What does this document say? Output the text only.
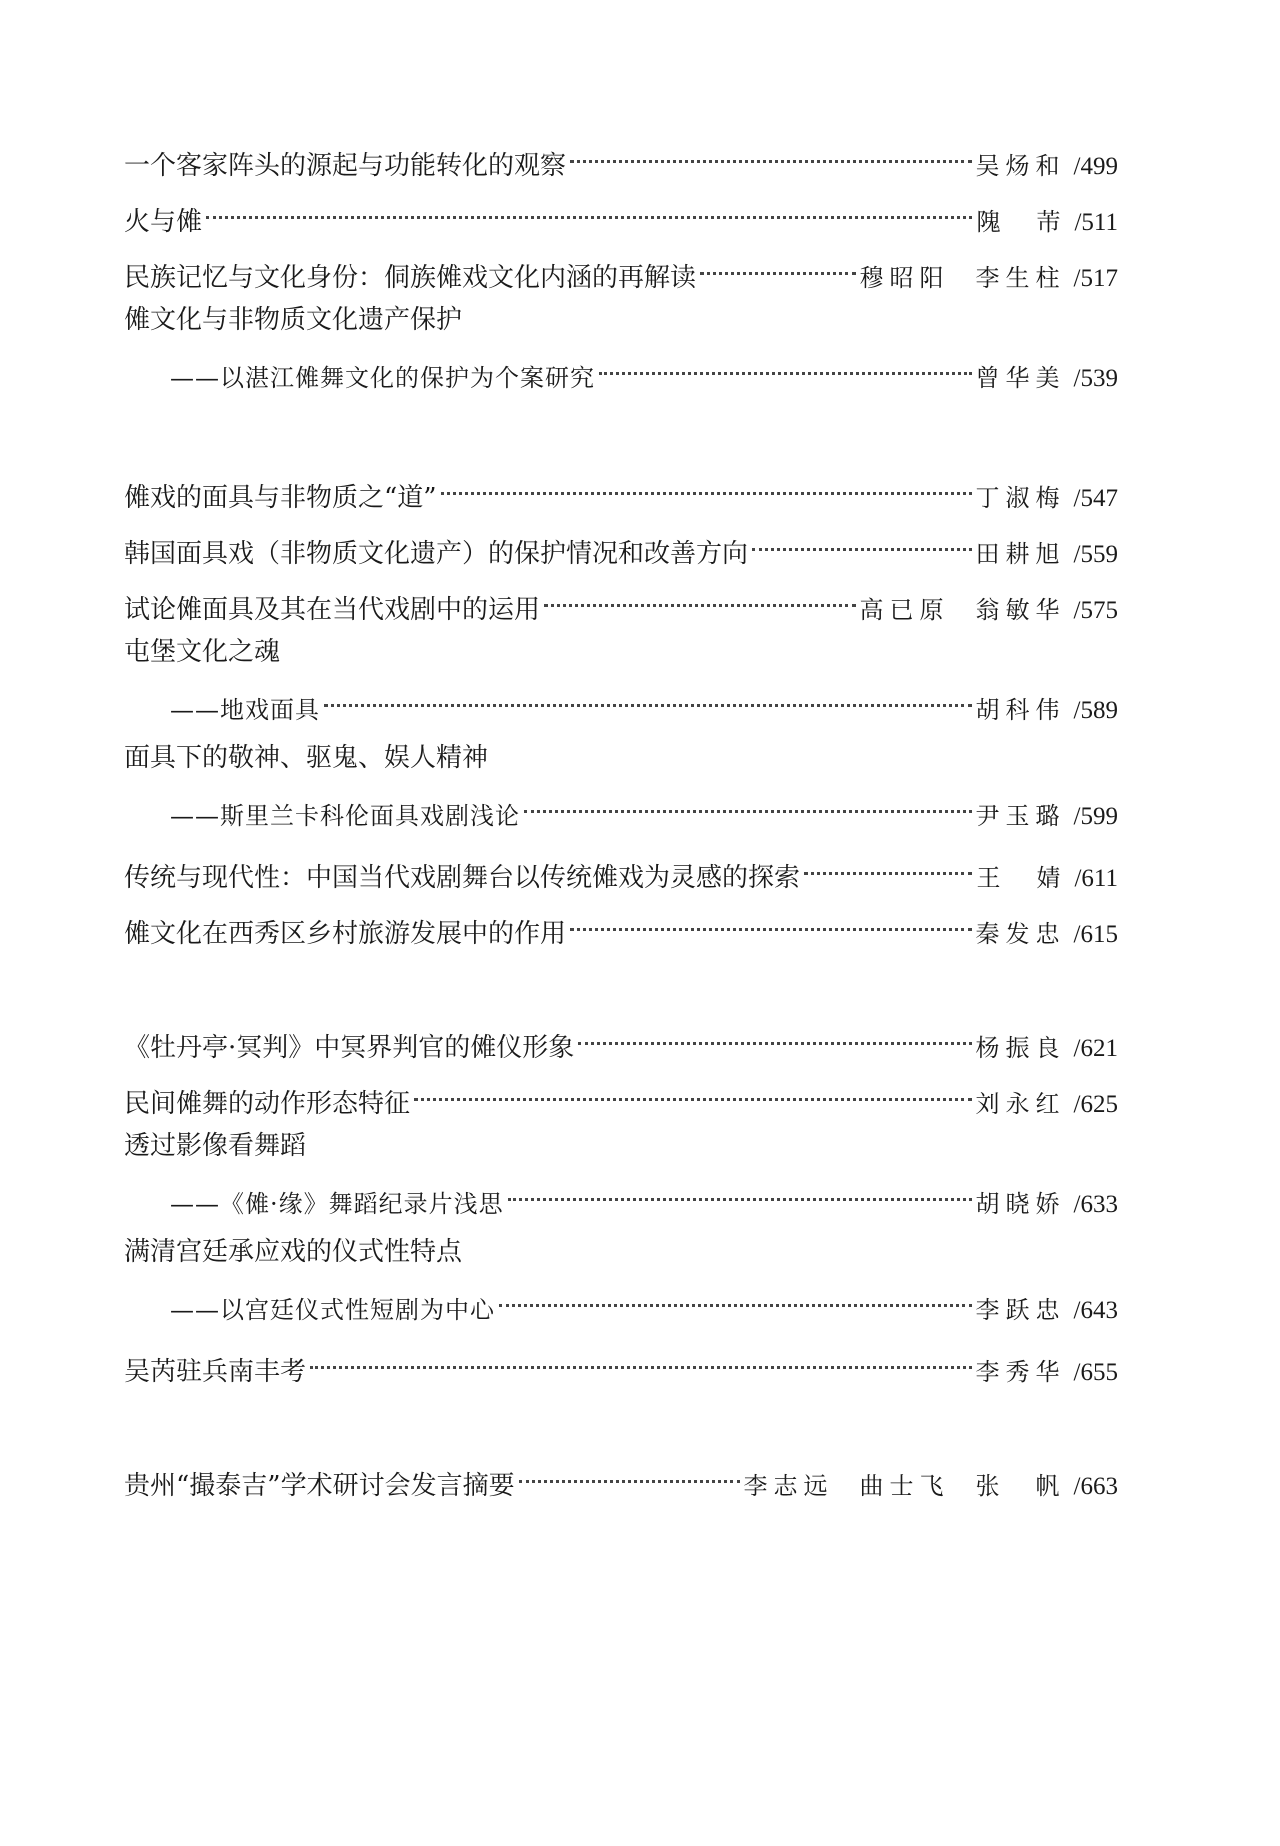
一个客家阵头的源起与功能转化的观察	吴炀和 /499
火与傩	隗　芾 /511
民族记忆与文化身份：侗族傩戏文化内涵的再解读	穆昭阳 李生柱 /517
傩文化与非物质文化遗产保护
——以湛江傩舞文化的保护为个案研究	曾华美 /539
傩戏的面具与非物质之“道”	丁淑梅 /547
韩国面具戏（非物质文化遗产）的保护情况和改善方向	田耕旭 /559
试论傩面具及其在当代戏剧中的运用	高已原 翁敏华 /575
屯堡文化之魂
——地戏面具	胡科伟 /589
面具下的敬神、驱鬼、娱人精神
——斯里兰卡科伦面具戏剧浅论	尹玉璐 /599
传统与现代性：中国当代戏剧舞台以传统傩戏为灵感的探索	王　婧 /611
傩文化在西秀区乡村旅游发展中的作用	秦发忠 /615
《牡丹亭·冥判》中冥界判官的傩仪形象	杨振良 /621
民间傩舞的动作形态特征	刘永红 /625
透过影像看舞蹈
——《傩·缘》舞蹈纪录片浅思	胡晓娇 /633
满清宫廷承应戏的仪式性特点
——以宫廷仪式性短剧为中心	李跃忠 /643
吴芮驻兵南丰考	李秀华 /655
贵州“撮泰吉”学术研讨会发言摘要	李志远 曲士飞 张　帆 /663
